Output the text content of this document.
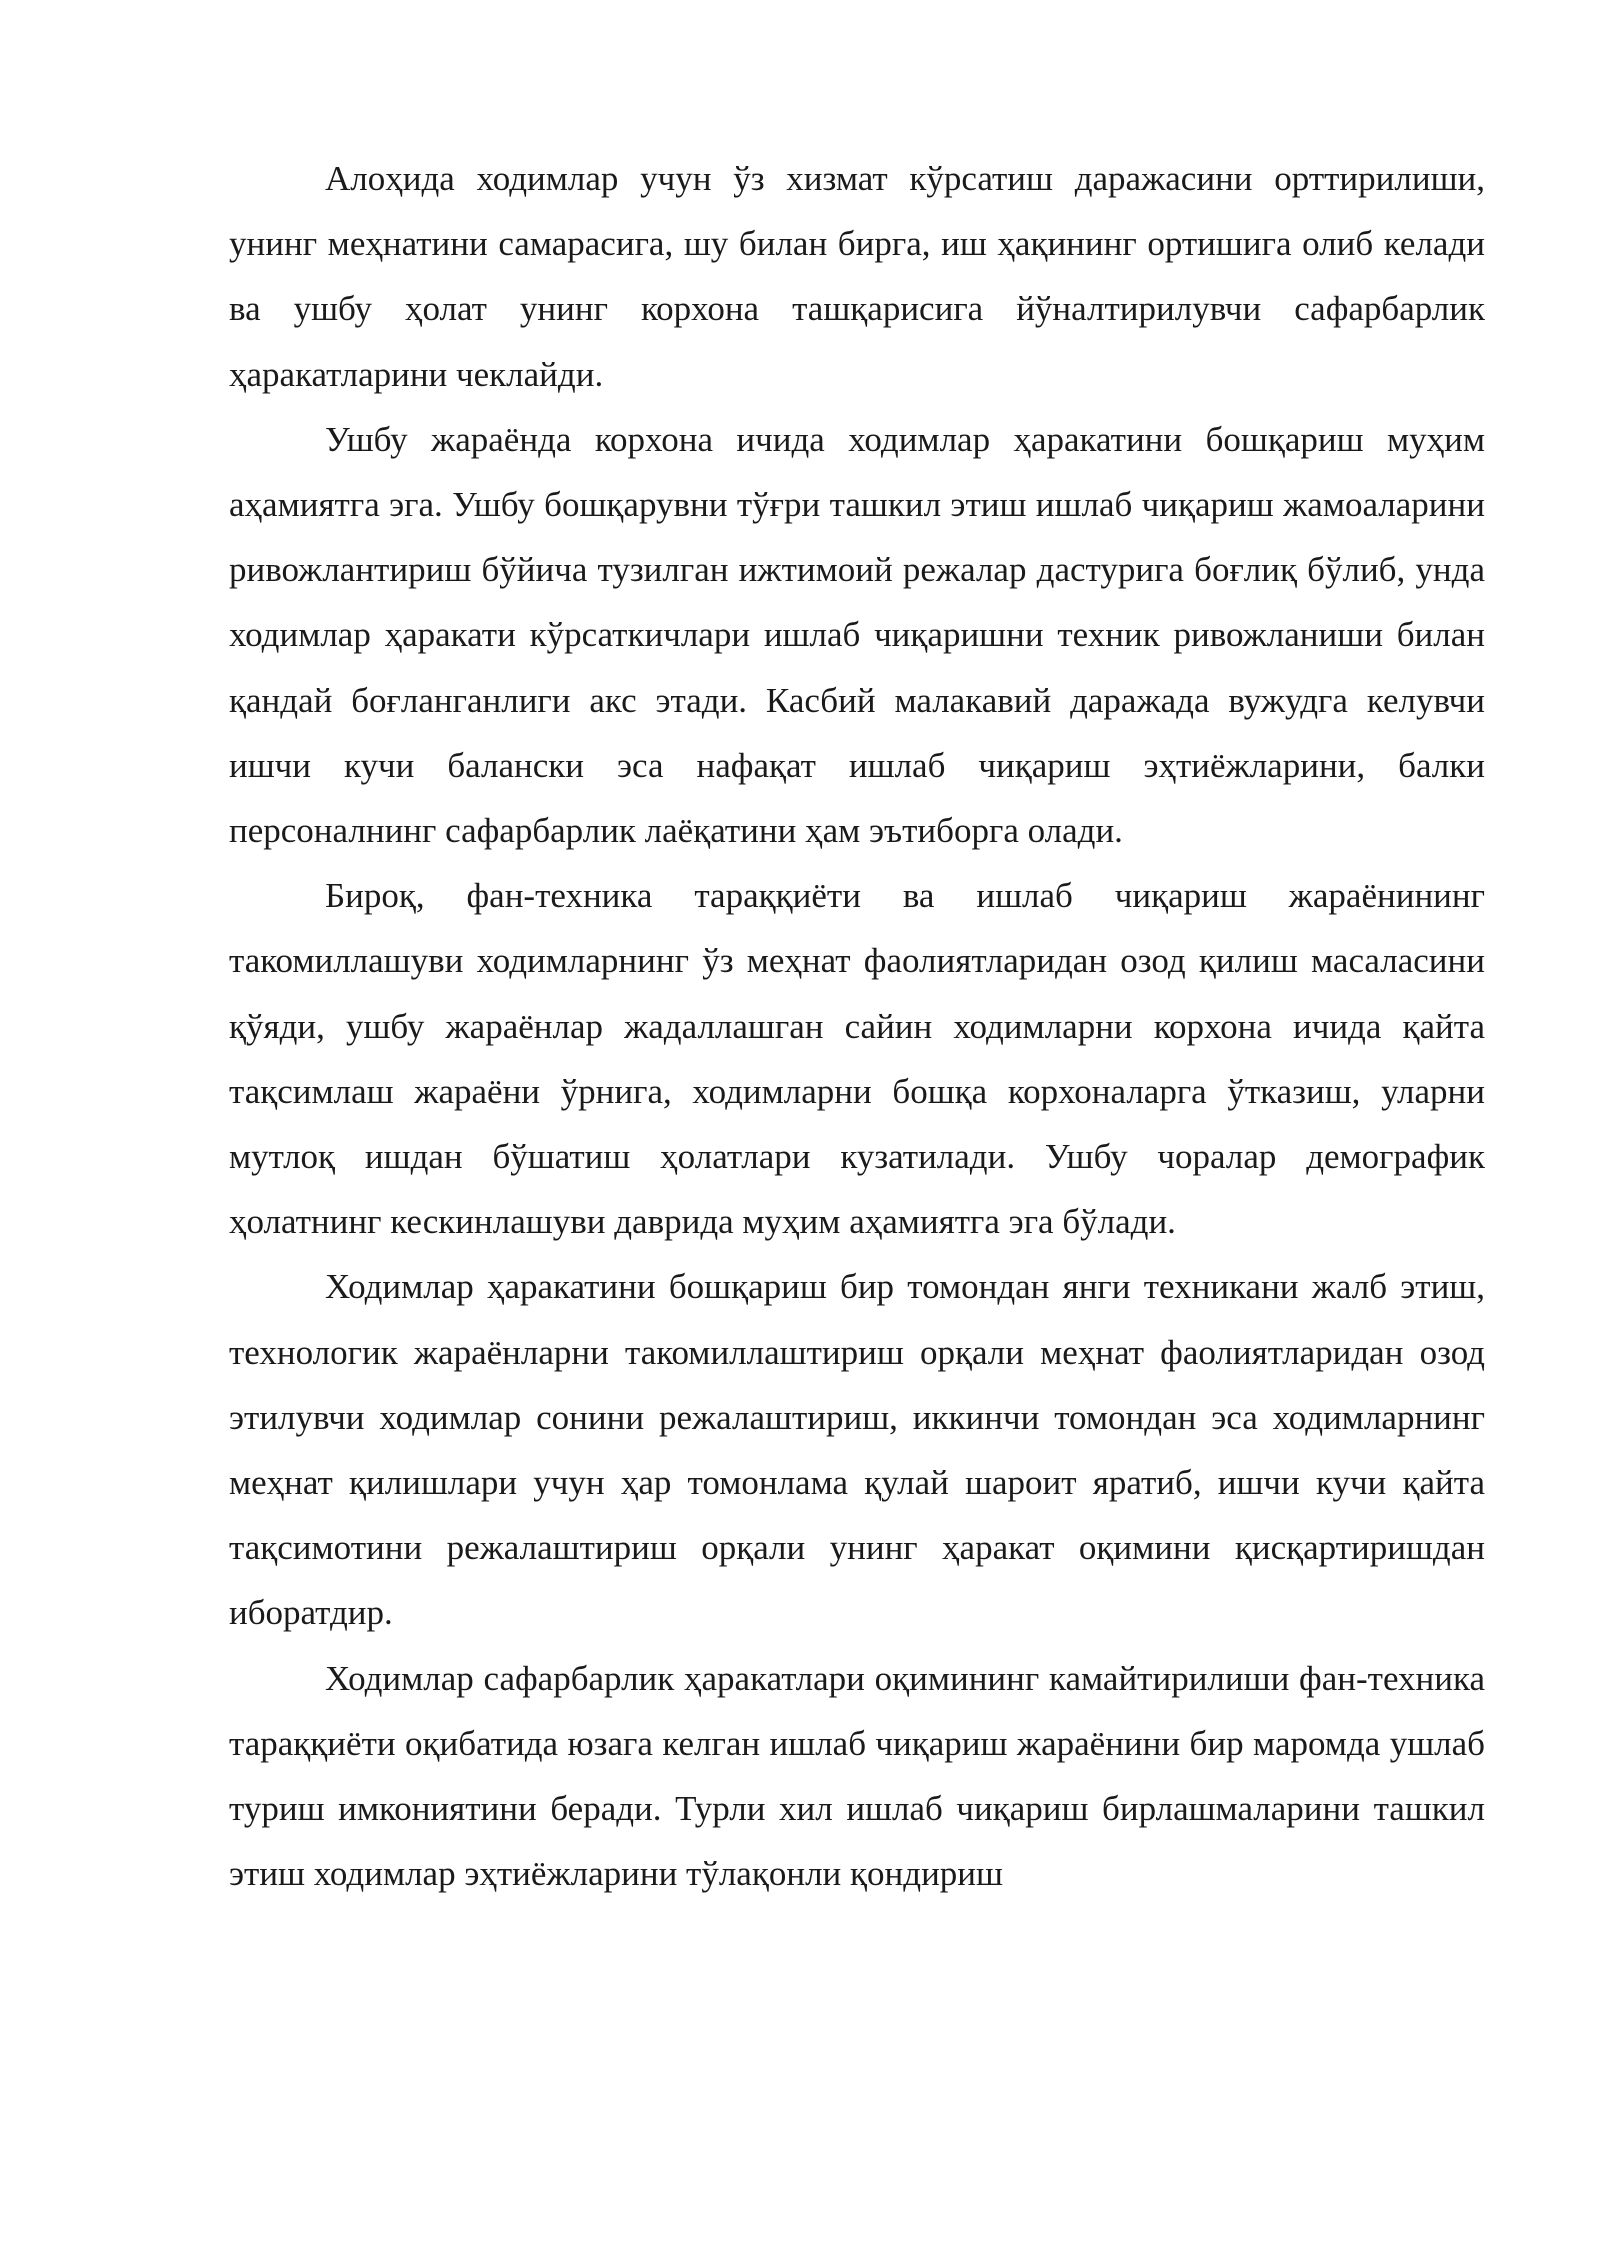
Алоҳида ходимлар учун ўз хизмат кўрсатиш даражасини орттирилиши, унинг меҳнатини самарасига, шу билан бирга, иш ҳақининг ортишига олиб келади ва ушбу ҳолат унинг корхона ташқарисига йўналтирилувчи сафарбарлик ҳаракатларини чеклайди.

Ушбу жараёнда корхона ичида ходимлар ҳаракатини бошқариш муҳим аҳамиятга эга. Ушбу бошқарувни тўғри ташкил этиш ишлаб чиқариш жамоаларини ривожлантириш бўйича тузилган ижтимоий режалар дастурига боғлиқ бўлиб, унда ходимлар ҳаракати кўрсаткичлари ишлаб чиқаришни техник ривожланиши билан қандай боғланганлиги акс этади. Касбий малакавий даражада вужудга келувчи ишчи кучи балански эса нафақат ишлаб чиқариш эҳтиёжларини, балки персоналнинг сафарбарлик лаёқатини ҳам эътиборга олади.

Бироқ, фан-техника тараққиёти ва ишлаб чиқариш жараёнининг такомиллашуви ходимларнинг ўз меҳнат фаолиятларидан озод қилиш масаласини қўяди, ушбу жараёнлар жадаллашган сайин ходимларни корхона ичида қайта тақсимлаш жараёни ўрнига, ходимларни бошқа корхоналарга ўтказиш, уларни мутлоқ ишдан бўшатиш ҳолатлари кузатилади. Ушбу чоралар демографик ҳолатнинг кескинлашуви даврида муҳим аҳамиятга эга бўлади.

Ходимлар ҳаракатини бошқариш бир томондан янги техникани жалб этиш, технологик жараёнларни такомиллаштириш орқали меҳнат фаолиятларидан озод этилувчи ходимлар сонини режалаштириш, иккинчи томондан эса ходимларнинг меҳнат қилишлари учун ҳар томонлама қулай шароит яратиб, ишчи кучи қайта тақсимотини режалаштириш орқали унинг ҳаракат оқимини қисқартиришдан иборатдир.

Ходимлар сафарбарлик ҳаракатлари оқимининг камайтирилиши фан-техника тараққиёти оқибатида юзага келган ишлаб чиқариш жараёнини бир маромда ушлаб туриш имкониятини беради. Турли хил ишлаб чиқариш бирлашмаларини ташкил этиш ходимлар эҳтиёжларини тўлақонли қондириш
